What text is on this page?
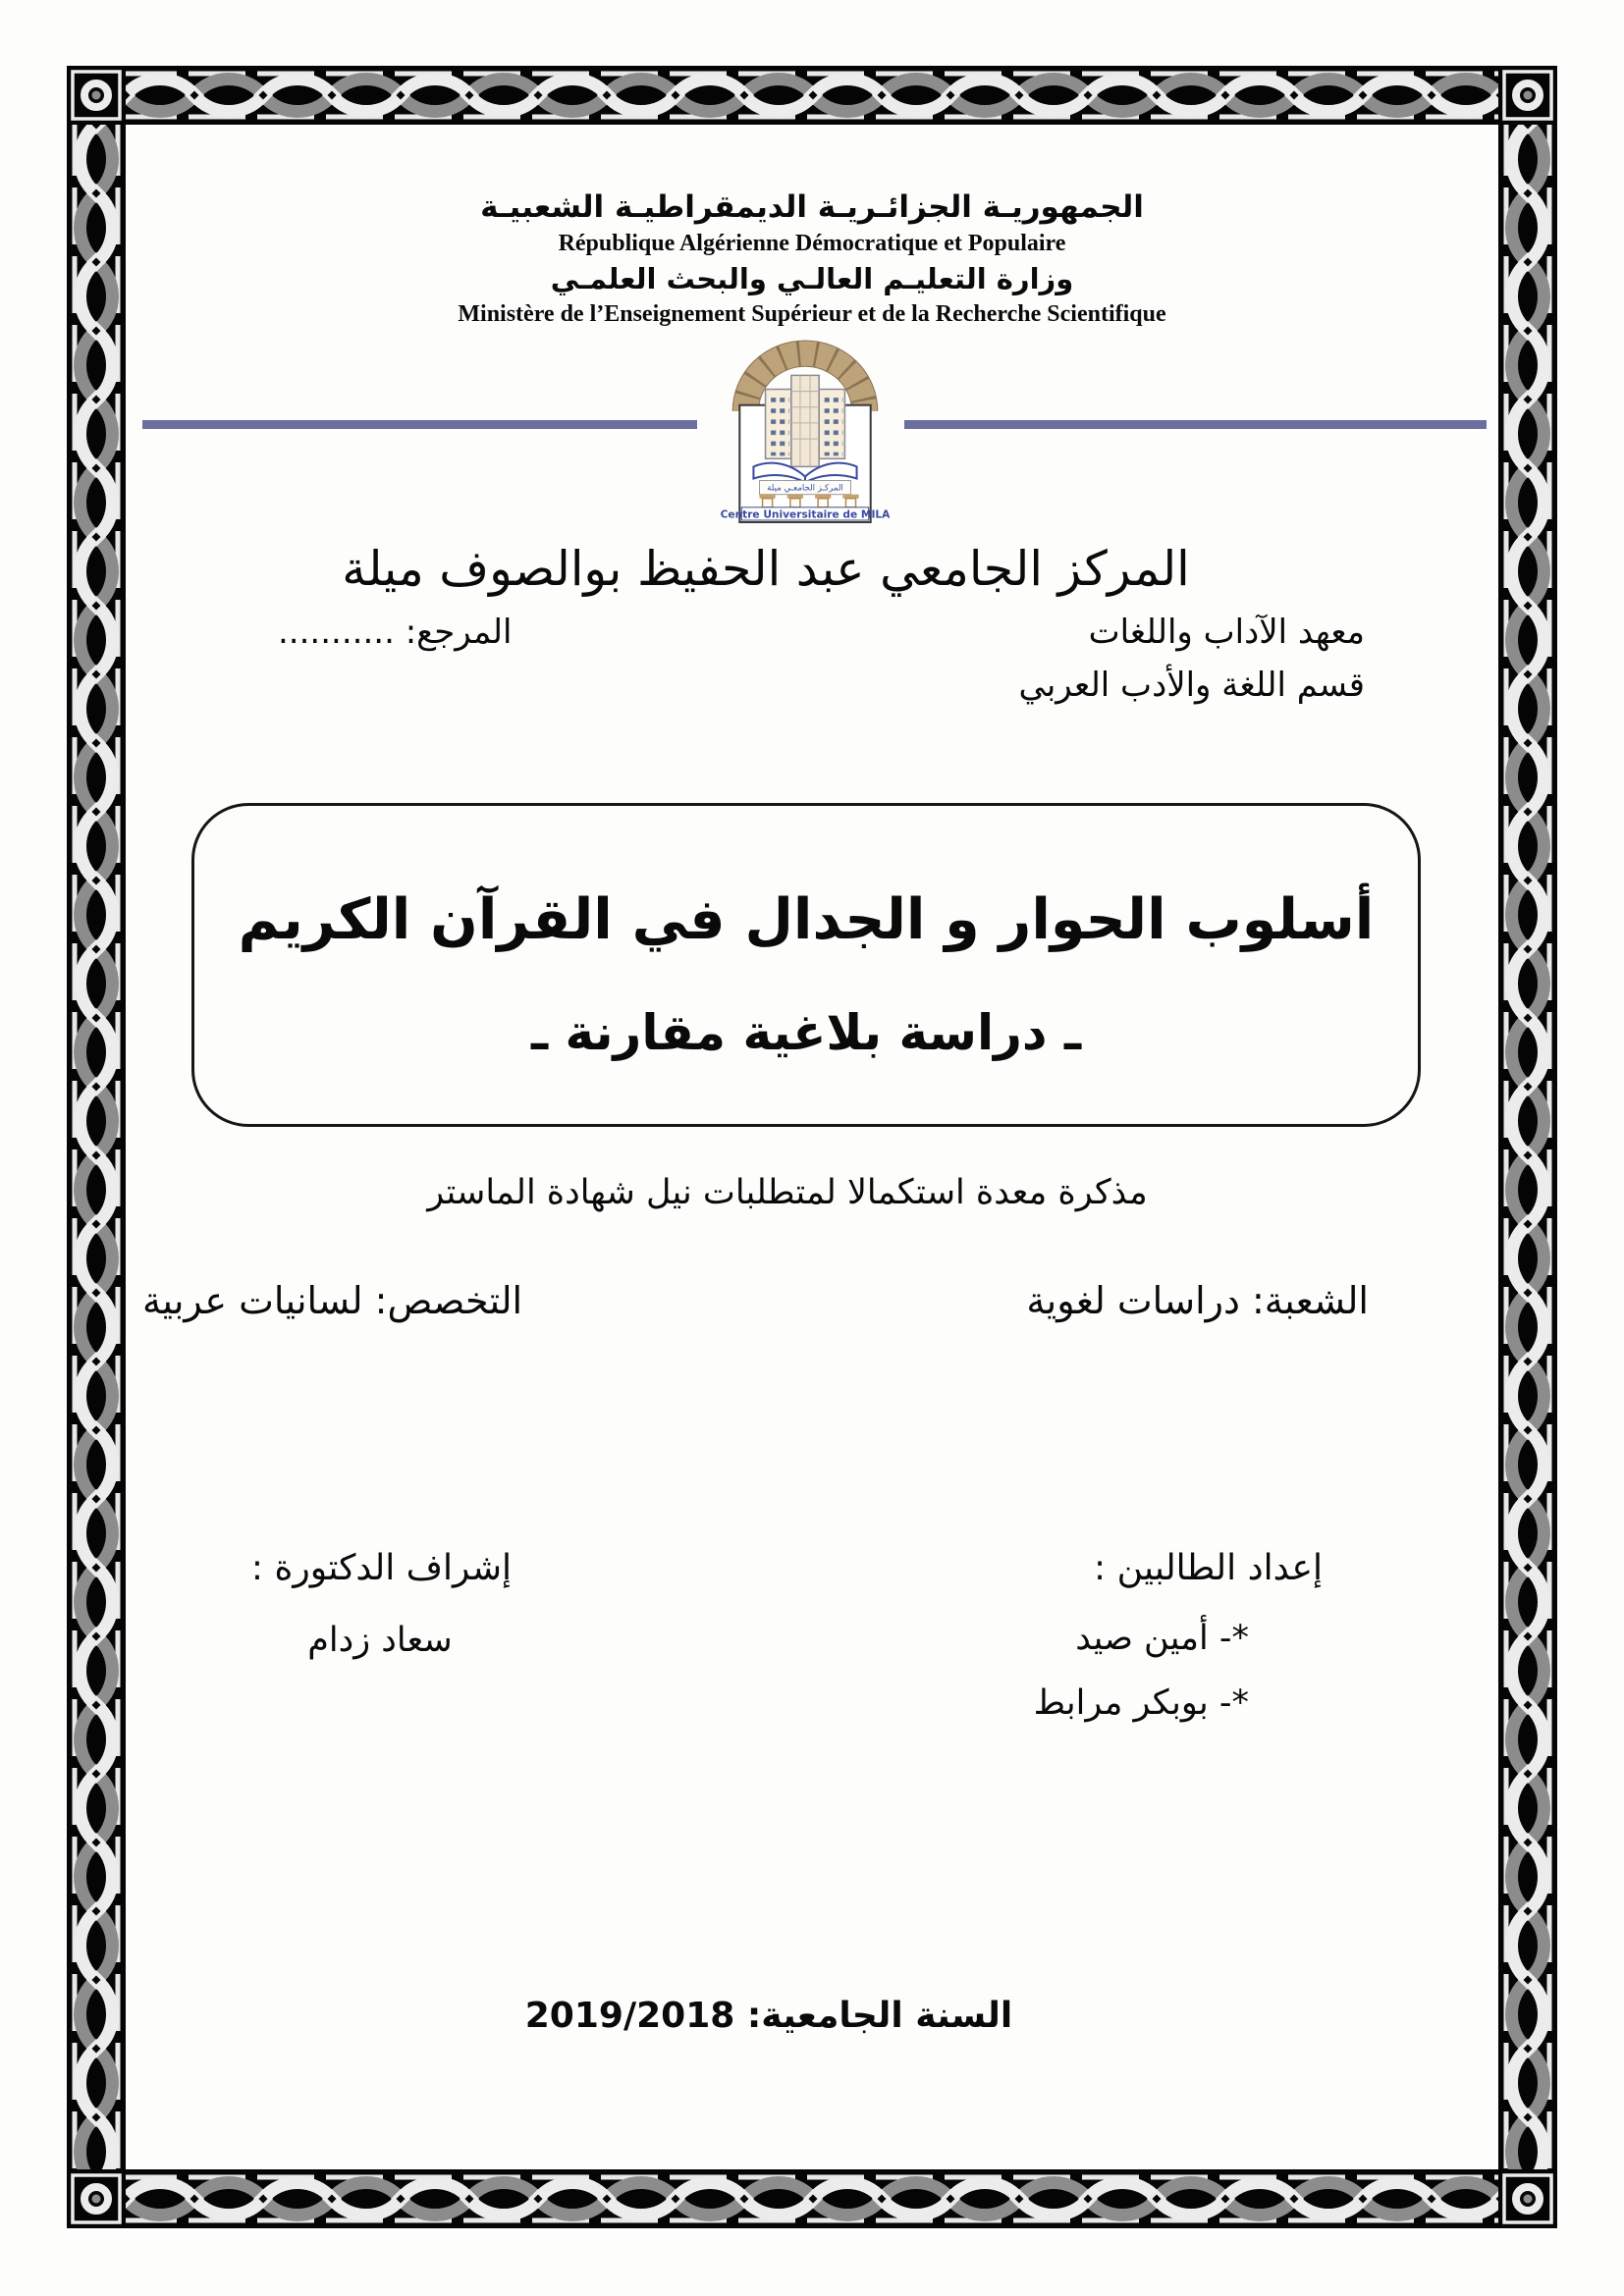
الجمهوريـة الجزائـريـة الديمقراطيـة الشعبيـة
République Algérienne Démocratique et Populaire
وزارة التعليـم العالـي والبحث العلمـي
Ministère de l’Enseignement Supérieur et de la Recherche Scientifique
المركـز الجامعـي ميلة
Centre Universitaire de MILA
المركز الجامعي عبد الحفيظ بوالصوف ميلة
معهد الآداب واللغات
المرجع: ...........
قسم اللغة والأدب العربي
أسلوب الحوار و الجدال في القرآن الكريم
ـ دراسة بلاغية مقارنة ـ
مذكرة معدة استكمالا لمتطلبات نيل شهادة الماستر
الشعبة: دراسات لغوية
التخصص: لسانيات عربية
إعداد الطالبين :
*- أمين صيد
*- بوبكر مرابط
إشراف الدكتورة :
سعاد زدام
السنة الجامعية: 2019/2018
